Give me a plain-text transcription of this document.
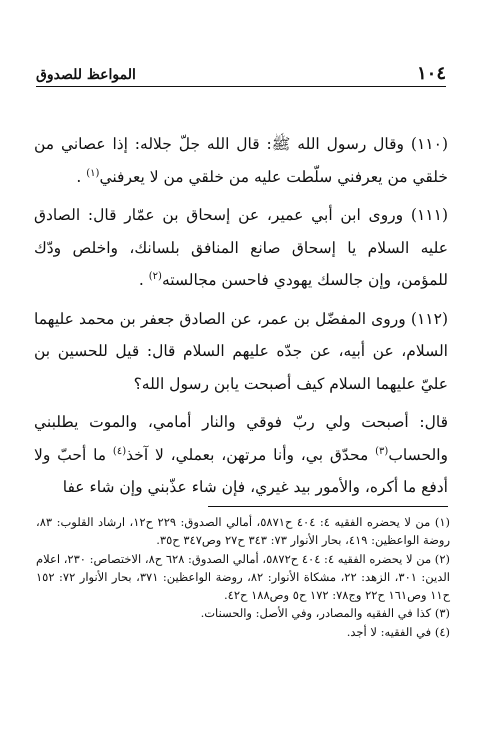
١٠٤
المواعظ للصدوق

(١١٠) وقال رسول الله ﷺ: قال الله جلّ جلاله: إذا عصاني من خلقي من يعرفني سلّطت عليه من خلقي من لا يعرفني$^{(١)}$ .

(١١١) وروى ابن أبي عمير، عن إسحاق بن عمّار قال: الصادق عليه السلام يا إسحاق صانع المنافق بلسانك، واخلص ودّك للمؤمن، وإن جالسك يهودي فاحسن مجالسته$^{(٢)}$ .

(١١٢) وروى المفضّل بن عمر، عن الصادق جعفر بن محمد عليهما السلام، عن أبيه، عن جدّه عليهم السلام قال: قيل للحسين بن عليّ عليهما السلام كيف أصبحت يابن رسول الله؟

قال: أصبحت ولي ربّ فوقي والنار أمامي، والموت يطلبني والحساب$^{(٣)}$ محدّق بي، وأنا مرتهن، بعملي، لا آخذ$^{(٤)}$ ما أحبّ ولا أدفع ما أكره، والأمور بيد غيري، فإن شاء عذّبني وإن شاء عفا

(١) من لا يحضره الفقيه ٤: ٤٠٤ ح٥٨٧١، أمالي الصدوق: ٢٢٩ ح١٢، ارشاد القلوب: ٨٣، روضة الواعظين: ٤١٩، بحار الأنوار ٧٣: ٣٤٣ ح٢٧ وص٣٤٧ ح٣٥.

(٢) من لا يحضره الفقيه ٤: ٤٠٤ ح٥٨٧٢، أمالي الصدوق: ٦٢٨ ح٨، الاختصاص: ٢٣٠، اعلام الدين: ٣٠١، الزهد: ٢٢، مشكاة الأنوار: ٨٢، روضة الواعظين: ٣٧١، بحار الأنوار ٧٢: ١٥٢ ح١١ وص١٦١ ح٢٢ وج٧٨: ١٧٢ ح٥ وص١٨٨ ح٤٢.

(٣) كذا في الفقيه والمصادر، وفي الأصل: والحسنات.

(٤) في الفقيه: لا أجد.
